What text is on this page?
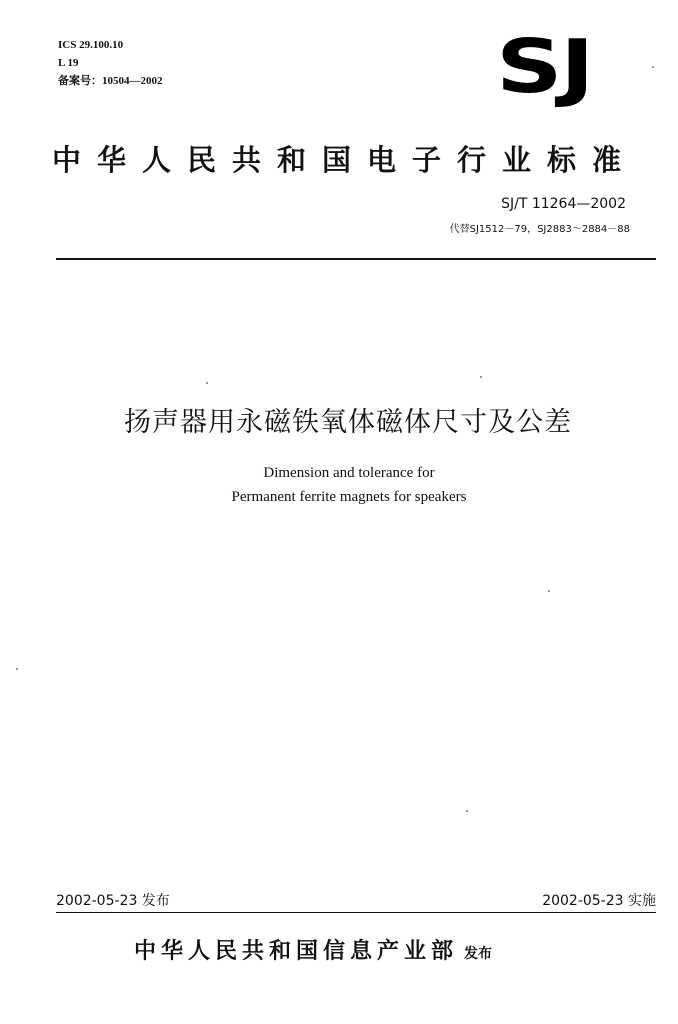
ICS 29.100.10
L 19
备案号：10504—2002	SJ
中华人民共和国电子行业标准
SJ/T 11264—2002
代替SJ1512－79，SJ2883～2884－88
扬声器用永磁铁氧体磁体尺寸及公差
Dimension and tolerance for
Permanent ferrite magnets for speakers
2002-05-23 发布	2002-05-23 实施
中华人民共和国信息产业部 发布
